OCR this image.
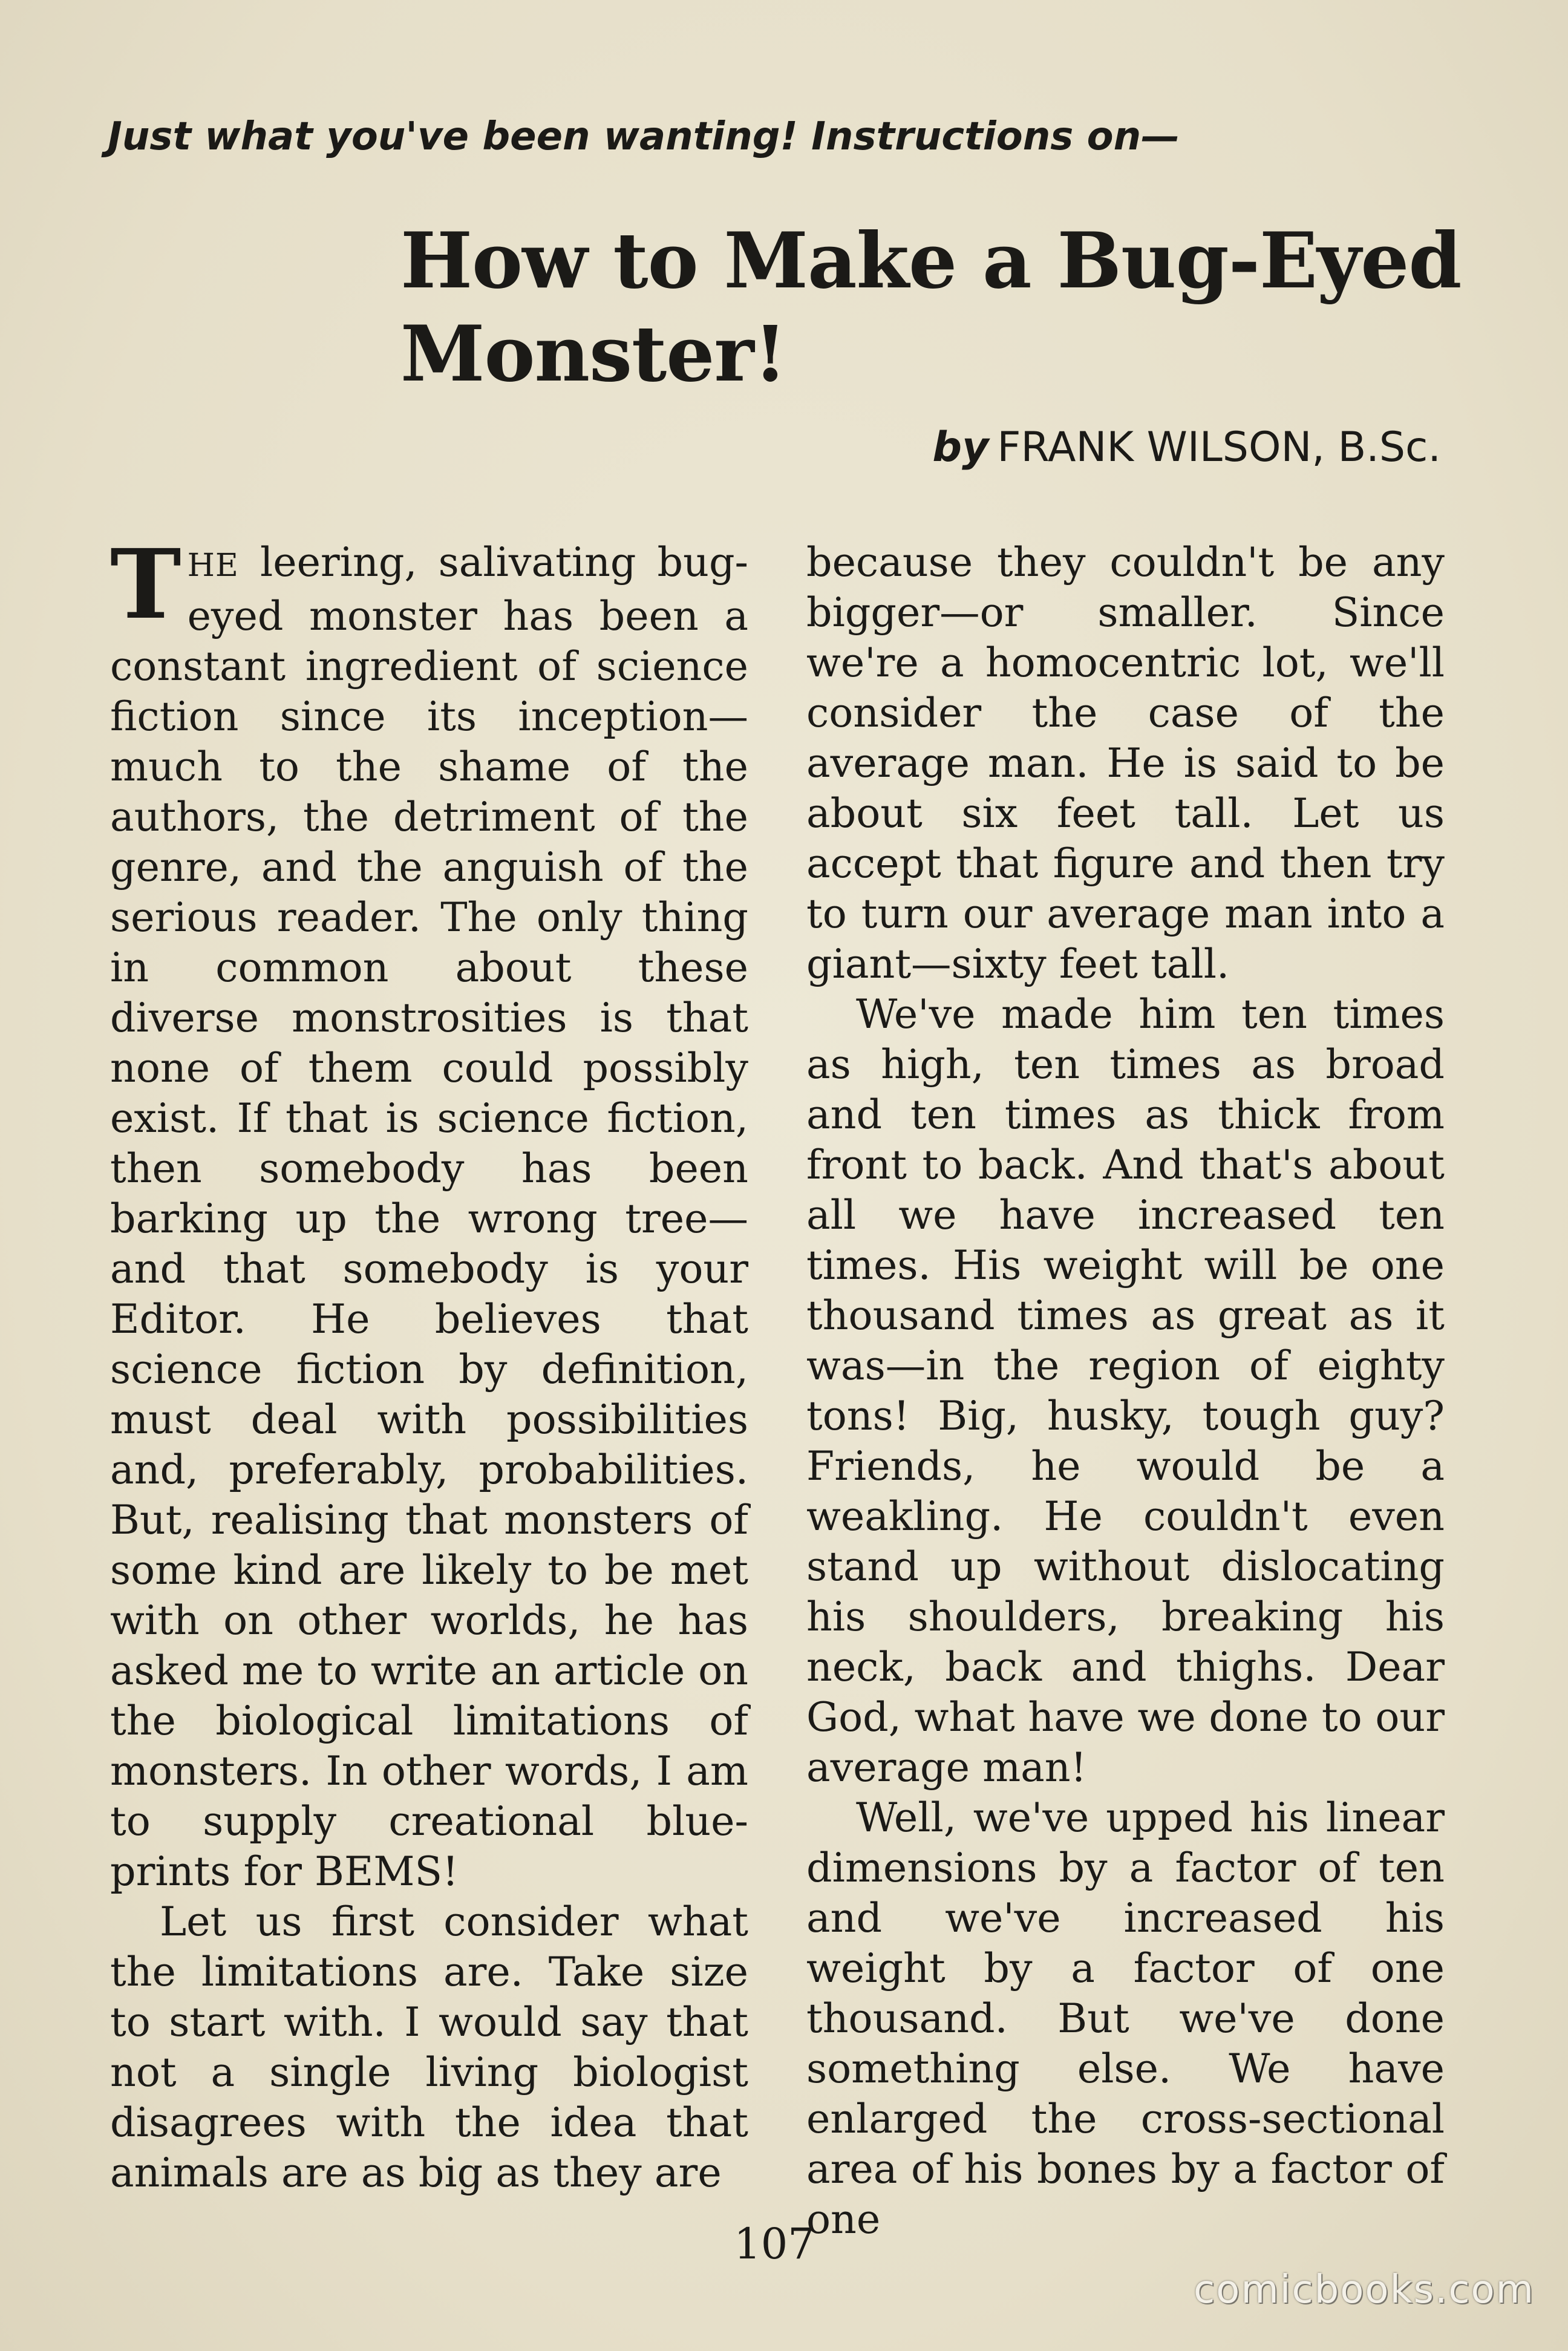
Just what you've been wanting! Instructions on—
How to Make a Bug-Eyed Monster!
by FRANK WILSON, B.Sc.

THE leering, salivating bug-eyed monster has been a constant ingredient of science fiction since its inception—much to the shame of the authors, the detriment of the genre, and the anguish of the serious reader. The only thing in common about these diverse monstrosities is that none of them could possibly exist. If that is science fiction, then somebody has been barking up the wrong tree—and that somebody is your Editor. He believes that science fiction by definition, must deal with possibilities and, preferably, probabilities. But, realising that monsters of some kind are likely to be met with on other worlds, he has asked me to write an article on the biological limitations of monsters. In other words, I am to supply creational blue-prints for BEMS!

Let us first consider what the limitations are. Take size to start with. I would say that not a single living biologist disagrees with the idea that animals are as big as they are

because they couldn't be any bigger—or smaller. Since we're a homocentric lot, we'll consider the case of the average man. He is said to be about six feet tall. Let us accept that figure and then try to turn our average man into a giant—sixty feet tall.

We've made him ten times as high, ten times as broad and ten times as thick from front to back. And that's about all we have increased ten times. His weight will be one thousand times as great as it was—in the region of eighty tons! Big, husky, tough guy? Friends, he would be a weakling. He couldn't even stand up without dislocating his shoulders, breaking his neck, back and thighs. Dear God, what have we done to our average man!

Well, we've upped his linear dimensions by a factor of ten and we've increased his weight by a factor of one thousand. But we've done something else. We have enlarged the cross-sectional area of his bones by a factor of one

107
comicbooks.com
